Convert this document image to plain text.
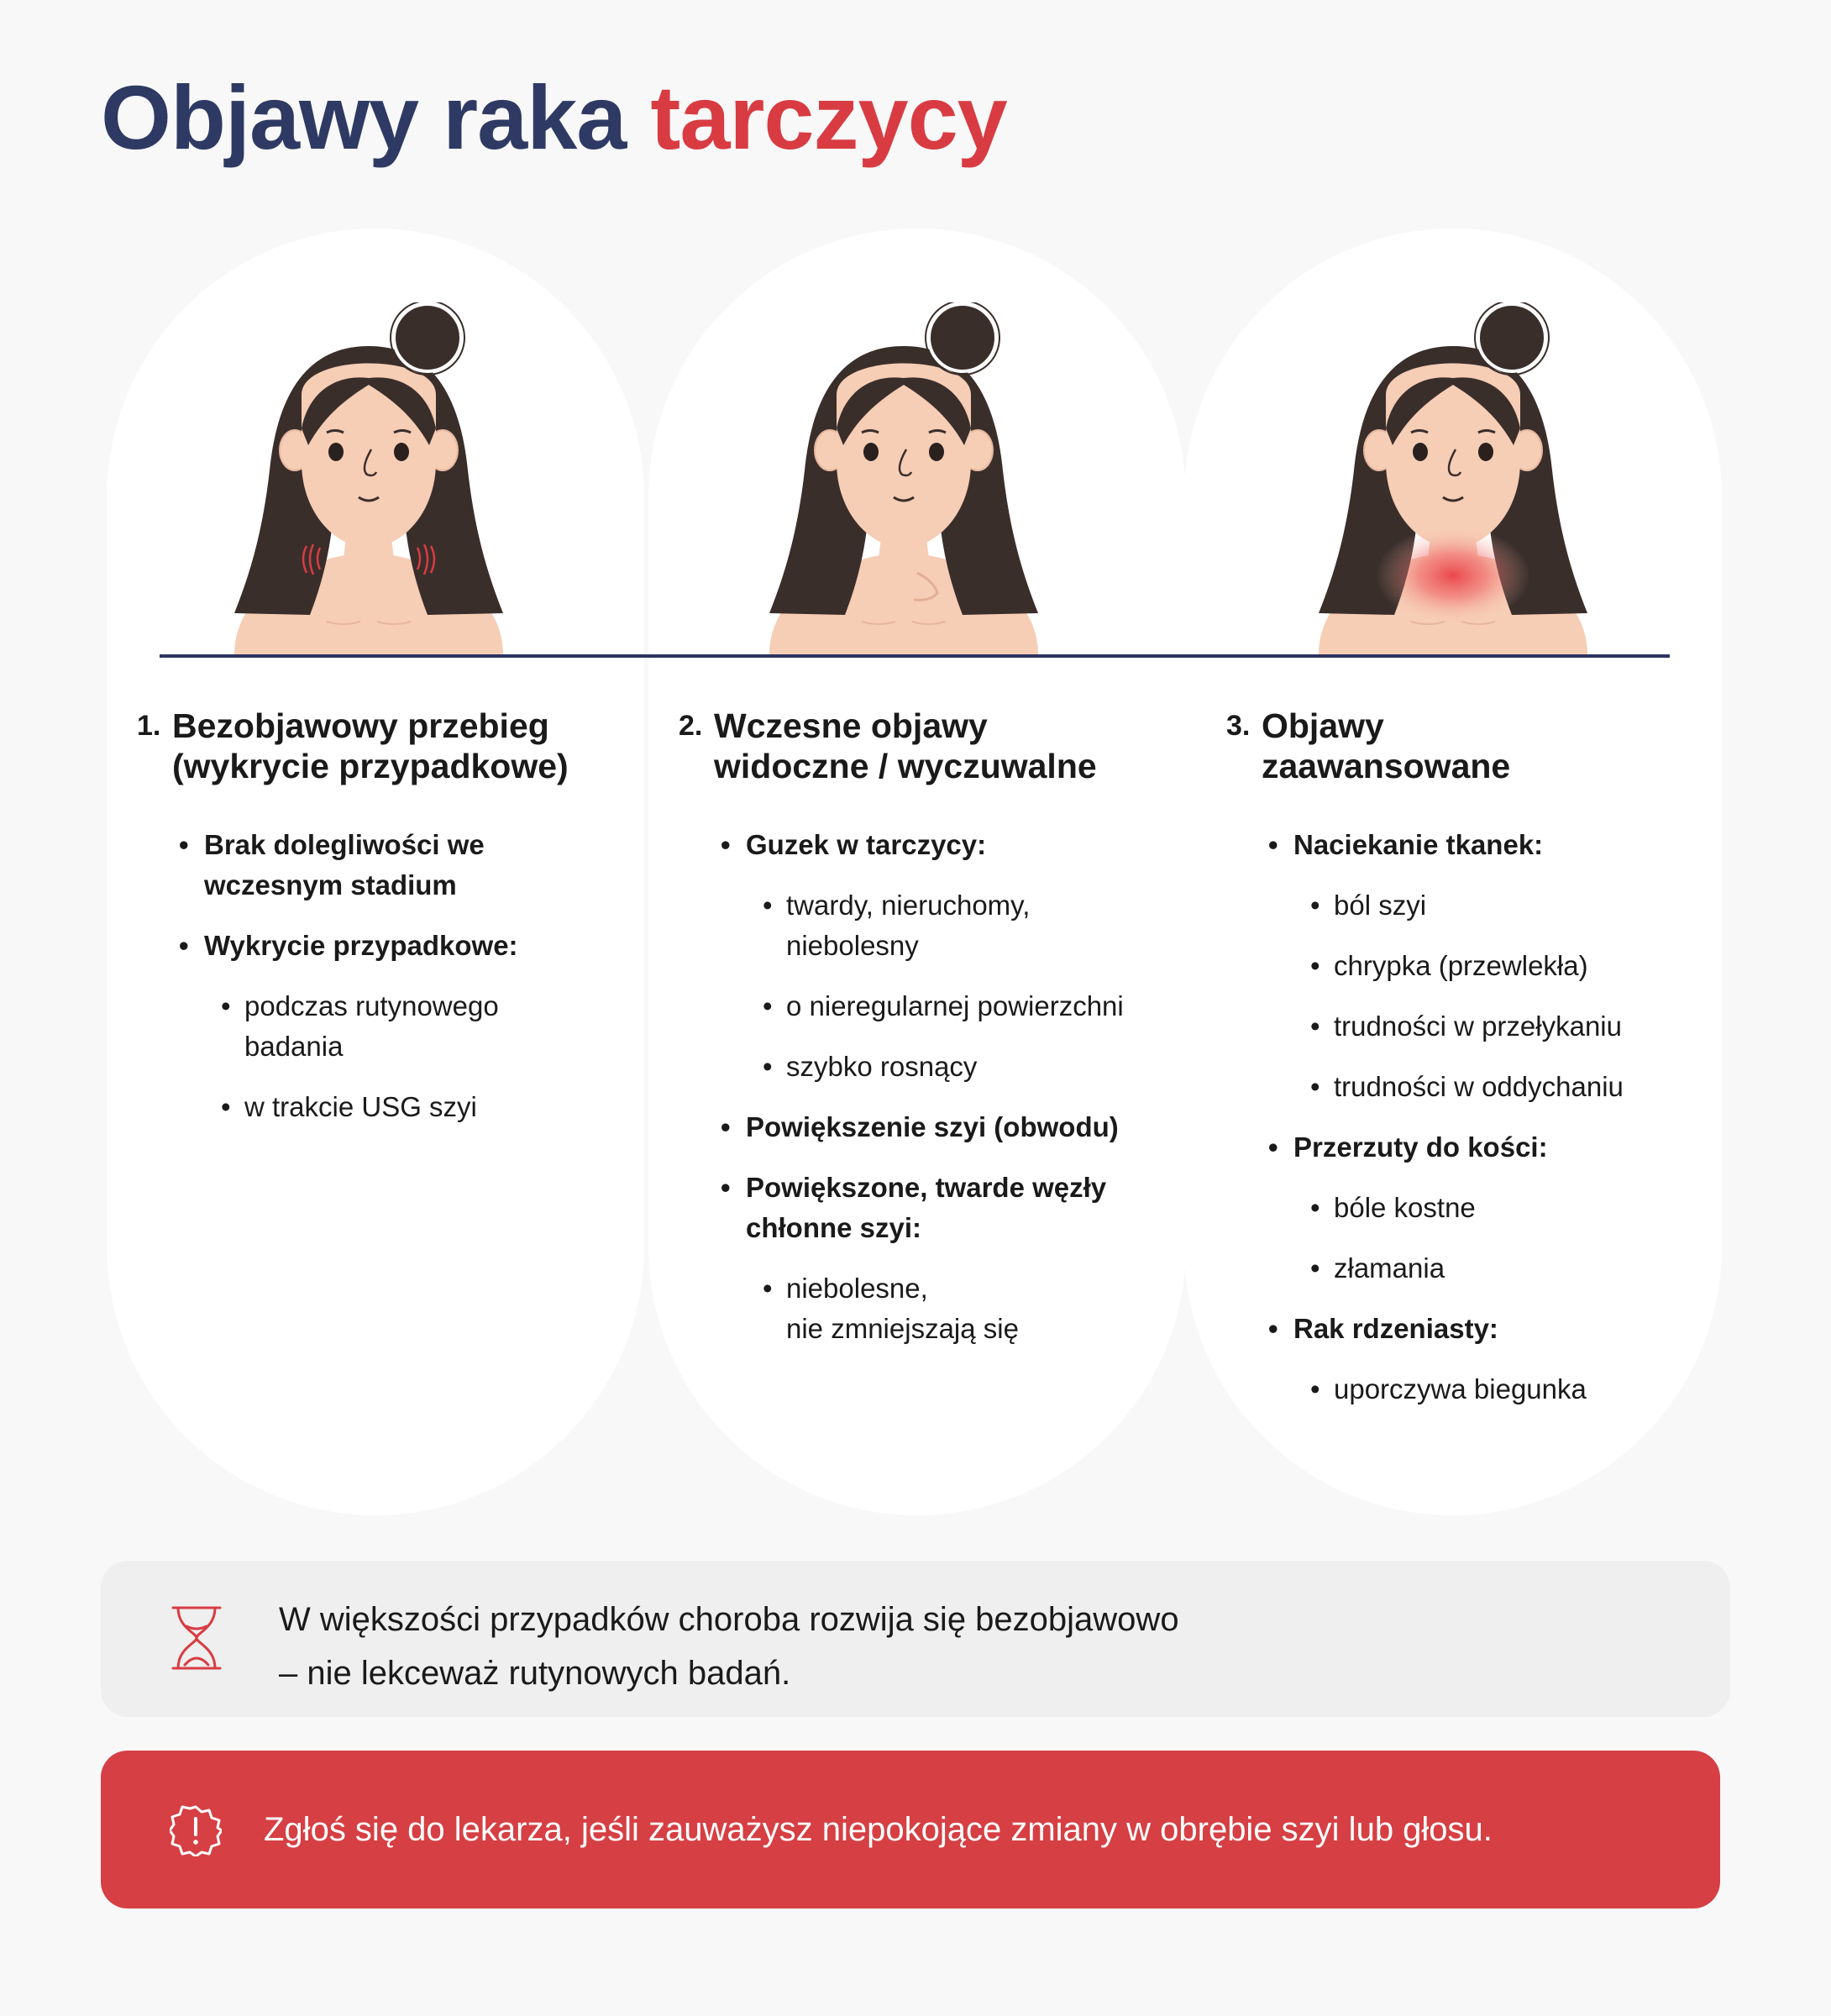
Objawy raka tarczycy
1. Bezobjawowy przebieg
(wykrycie przypadkowe)
• Brak dolegliwości we
wczesnym stadium
• Wykrycie przypadkowe:
• podczas rutynowego
badania
• w trakcie USG szyi
2. Wczesne objawy
widoczne / wyczuwalne
• Guzek w tarczycy:
• twardy, nieruchomy,
niebolesny
• o nieregularnej powierzchni
• szybko rosnący
• Powiększenie szyi (obwodu)
• Powiększone, twarde węzły
chłonne szyi:
• niebolesne,
nie zmniejszają się
3. Objawy
zaawansowane
• Naciekanie tkanek:
• ból szyi
• chrypka (przewlekła)
• trudności w przełykaniu
• trudności w oddychaniu
• Przerzuty do kości:
• bóle kostne
• złamania
• Rak rdzeniasty:
• uporczywa biegunka
W większości przypadków choroba rozwija się bezobjawowo
– nie lekceważ rutynowych badań.
Zgłoś się do lekarza, jeśli zauważysz niepokojące zmiany w obrębie szyi lub głosu.
